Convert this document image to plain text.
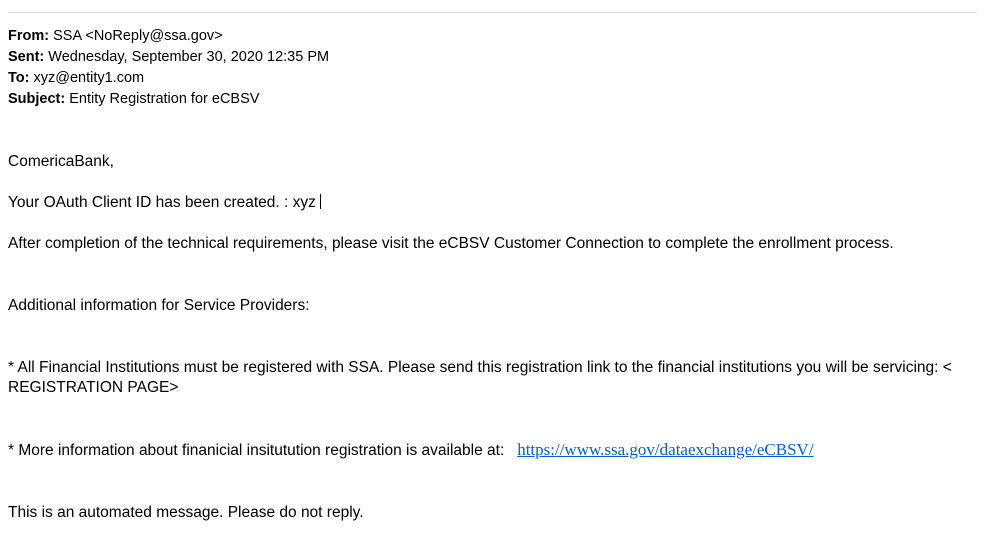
From: SSA <NoReply@ssa.gov>
Sent: Wednesday, September 30, 2020 12:35 PM
To: xyz@entity1.com
Subject: Entity Registration for eCBSV

ComericaBank,

Your OAuth Client ID has been created. : xyz

After completion of the technical requirements, please visit the eCBSV Customer Connection to complete the enrollment process.

Additional information for Service Providers:

* All Financial Institutions must be registered with SSA. Please send this registration link to the financial institutions you will be servicing: <
REGISTRATION PAGE>

* More information about finanicial insitutution registration is available at: https://www.ssa.gov/dataexchange/eCBSV/

This is an automated message. Please do not reply.
